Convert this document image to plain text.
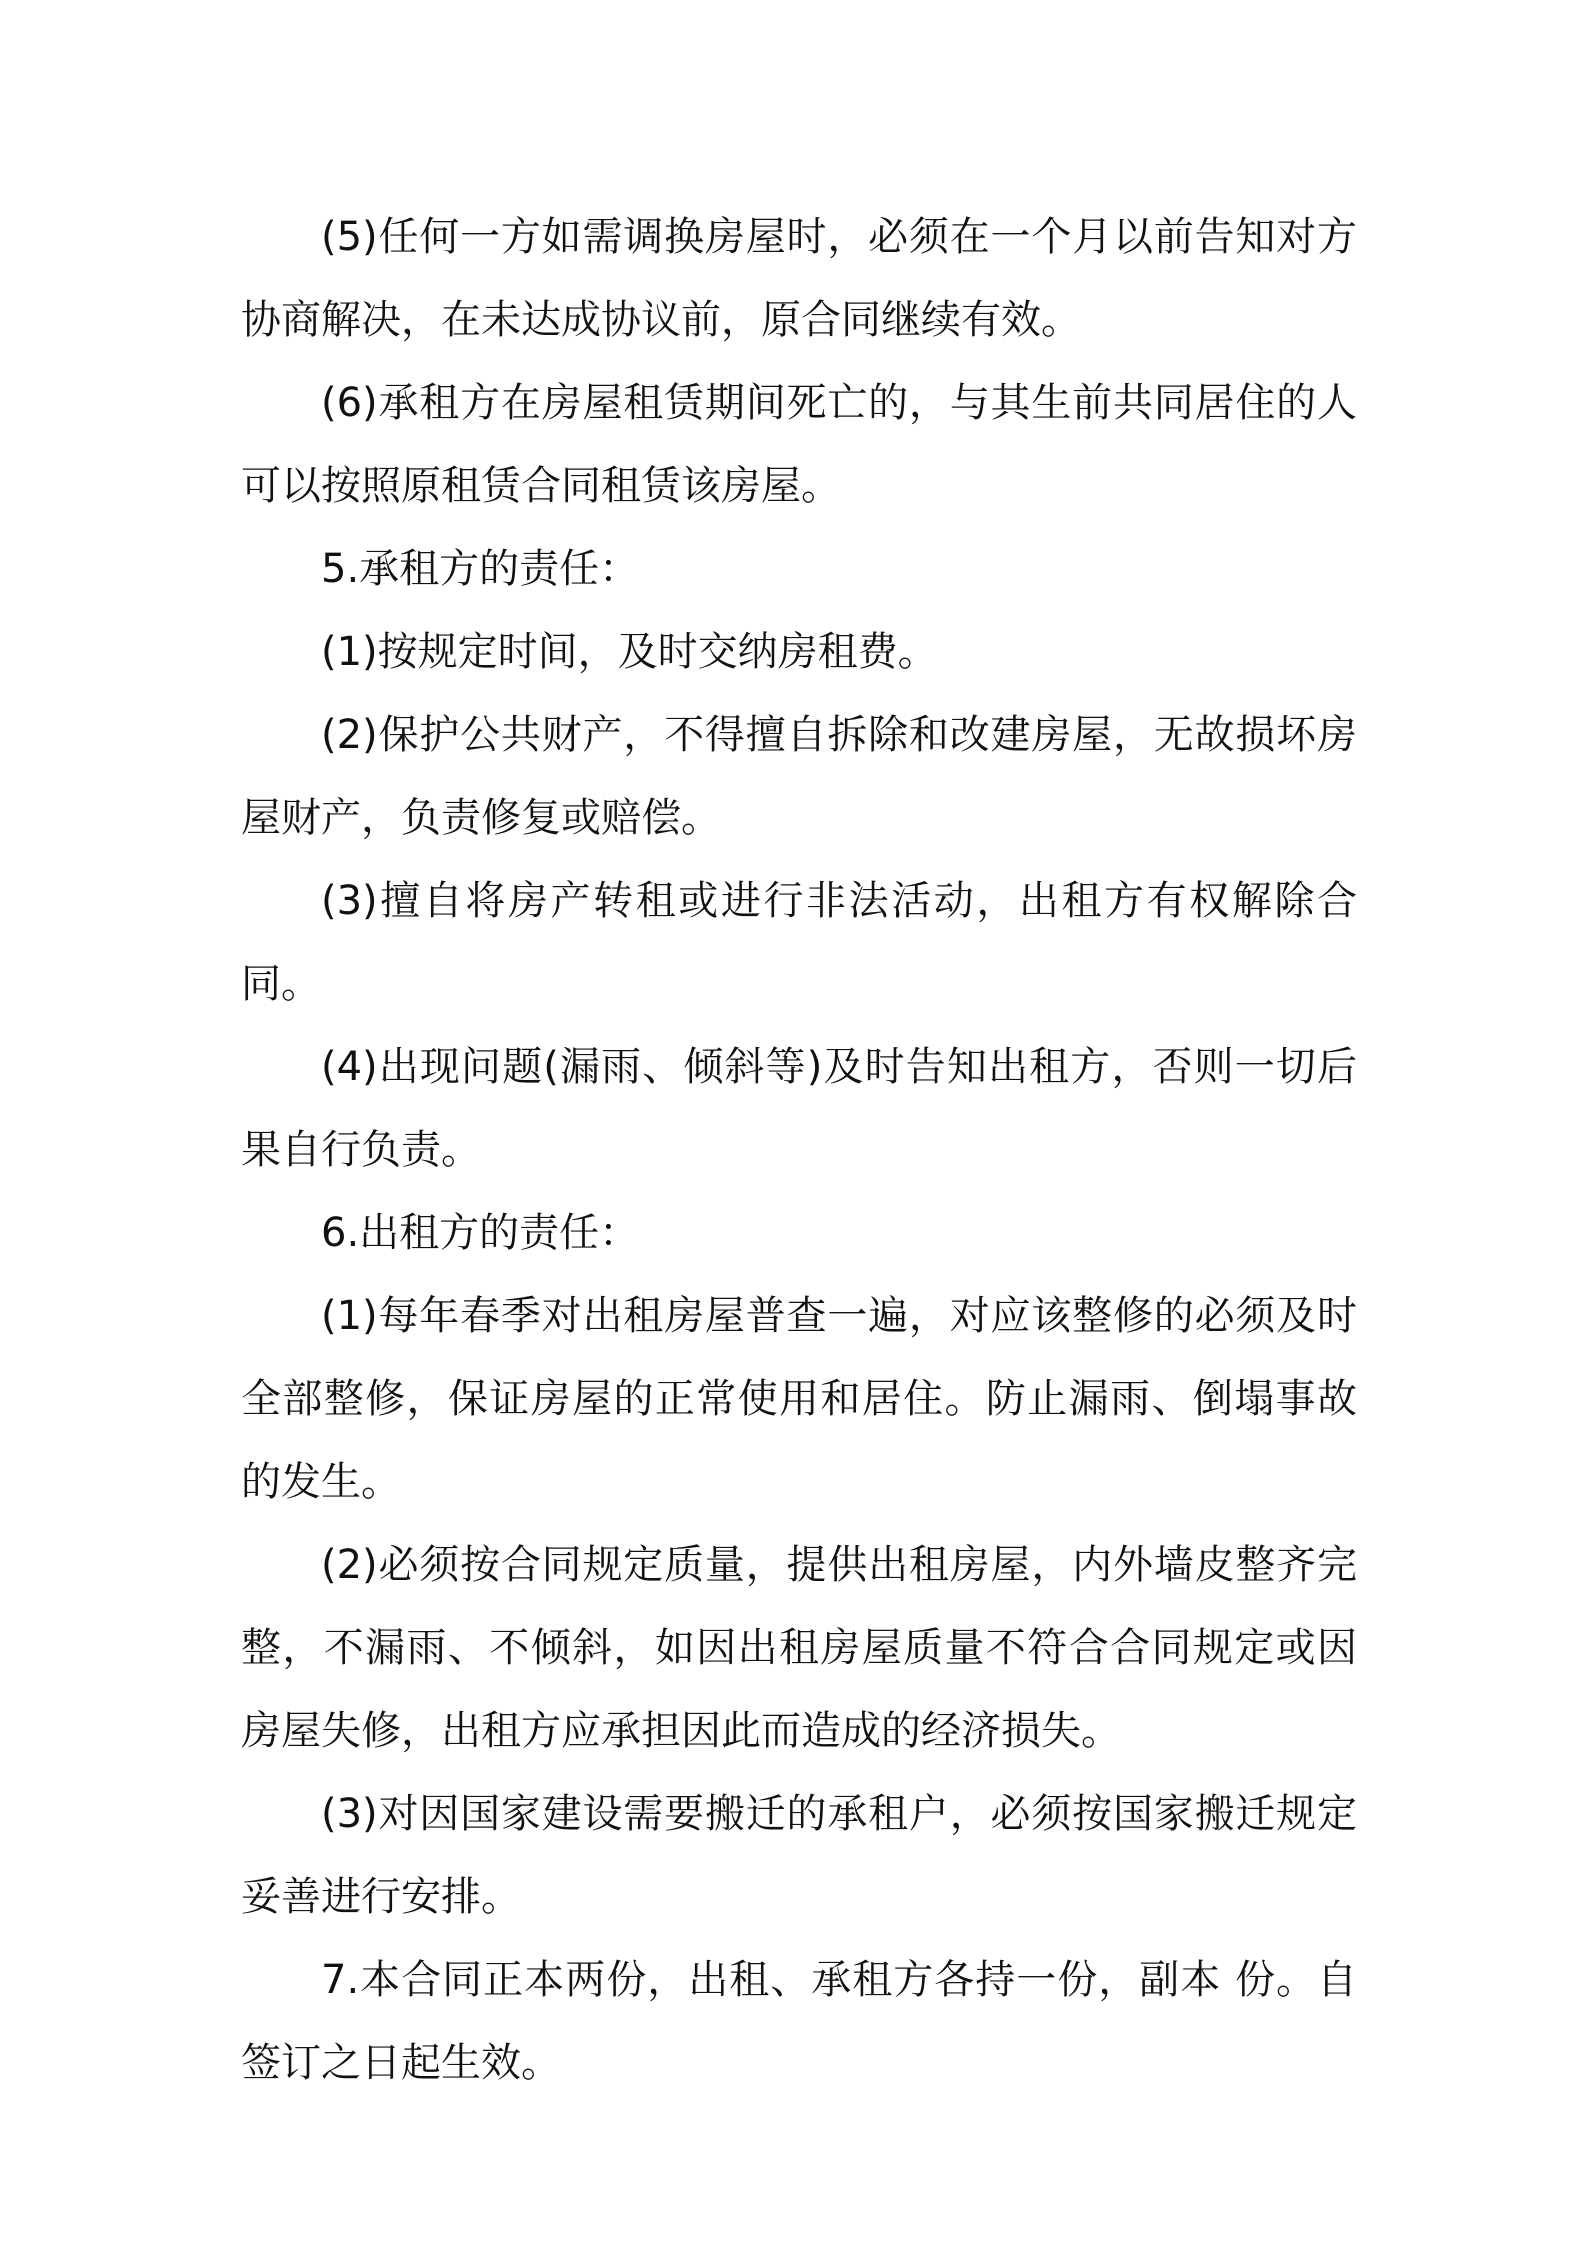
(5)任何一方如需调换房屋时，必须在一个月以前告知对方协商解决，在未达成协议前，原合同继续有效。

(6)承租方在房屋租赁期间死亡的，与其生前共同居住的人可以按照原租赁合同租赁该房屋。

5.承租方的责任：

(1)按规定时间，及时交纳房租费。

(2)保护公共财产，不得擅自拆除和改建房屋，无故损坏房屋财产，负责修复或赔偿。

(3)擅自将房产转租或进行非法活动，出租方有权解除合同。

(4)出现问题(漏雨、倾斜等)及时告知出租方，否则一切后果自行负责。

6.出租方的责任：

(1)每年春季对出租房屋普查一遍，对应该整修的必须及时全部整修，保证房屋的正常使用和居住。防止漏雨、倒塌事故的发生。

(2)必须按合同规定质量，提供出租房屋，内外墙皮整齐完整，不漏雨、不倾斜，如因出租房屋质量不符合合同规定或因房屋失修，出租方应承担因此而造成的经济损失。

(3)对因国家建设需要搬迁的承租户，必须按国家搬迁规定妥善进行安排。

7.本合同正本两份，出租、承租方各持一份，副本 份。自签订之日起生效。
